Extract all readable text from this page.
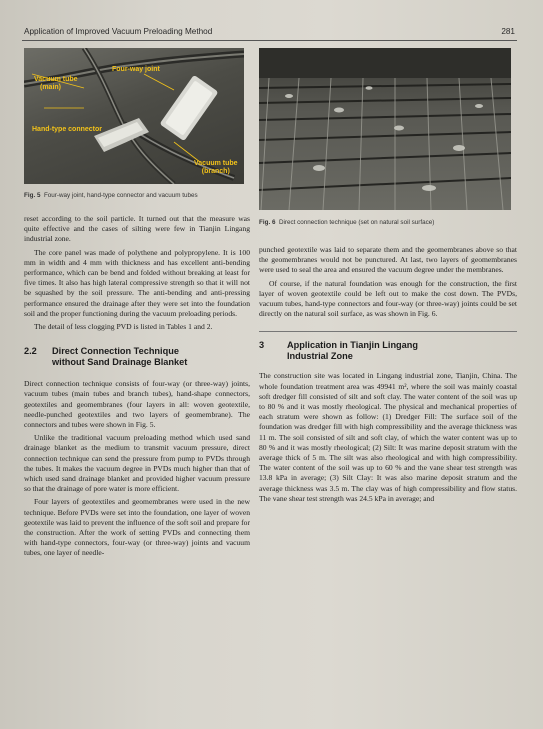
Application of Improved Vacuum Preloading Method	281
Vacuum tube
(main)
Four-way joint
Hand-type connector
Vacuum tube
(branch)
Fig. 5 Four-way joint, hand-type connector and vacuum tubes

reset according to the soil particle. It turned out that the measure was quite effective and the cases of silting were few in Tianjin Lingang industrial zone.

The core panel was made of polythene and polypropylene. It is 100 mm in width and 4 mm with thickness and has excellent anti-bending performance, which can be bend and folded without breaking at least for five times. It also has high lateral compressive strength so that it will not be squashed by the soil pressure. The anti-bending and anti-pressing performance ensured the drainage after they were set into the foundation soil and the proper functioning during the vacuum preloading periods.

The detail of less clogging PVD is listed in Tables 1 and 2.

2.2	Direct Connection Technique
without Sand Drainage Blanket

Direct connection technique consists of four-way (or three-way) joints, vacuum tubes (main tubes and branch tubes), hand-shape connectors, geotextiles and geomembranes (four layers in all: woven geotextile, needle-punched geotextiles and two layers of geomembrane). The connectors and tubes were shown in Fig. 5.

Unlike the traditional vacuum preloading method which used sand drainage blanket as the medium to transmit vacuum pressure, direct connection technique can send the pressure from pump to PVDs through the tubes. It makes the vacuum degree in PVDs much higher than that of which used sand drainage blanket and provided higher vacuum pressure so that the drainage of pore water is more efficient.

Four layers of geotextiles and geomembranes were used in the new technique. Before PVDs were set into the foundation, one layer of woven geotextile was laid to prevent the influence of the soft soil and prepare for the construction. After the work of setting PVDs and connecting them with hand-type connectors, four-way (or three-way) joints and vacuum tubes, one layer of needle-

Fig. 6 Direct connection technique (set on natural soil surface)

punched geotextile was laid to separate them and the geomembranes above so that the geomembranes would not be punctured. At last, two layers of geomembranes were used to seal the area and ensured the vacuum degree under the membranes.

Of course, if the natural foundation was enough for the construction, the first layer of woven geotextile could be left out to make the cost down. The PVDs, vacuum tubes, hand-type connectors and four-way (or three-way) joints could be set directly on the natural soil surface, as was shown in Fig. 6.

3	Application in Tianjin Lingang
Industrial Zone

The construction site was located in Lingang industrial zone, Tianjin, China. The whole foundation treatment area was 49941 m², where the soil was mainly coastal soft dredger fill consisted of silt and soft clay. The water content of the soil was up to 80 % and it was mostly rheological. The physical and mechanical properties of each stratum were shown as follow: (1) Dredger Fill: The surface soil of the foundation was dredger fill with high compressibility and the average thickness was 11 m. The soil consisted of silt and soft clay, of which the water content was up to 80 % and it was mostly rheological; (2) Silt: It was marine deposit stratum with the average thick of 5 m. The silt was also rheological and with high compressibility. The water content of the soil was up to 60 % and the vane shear test strength was 13.8 kPa in average; (3) Silt Clay: It was also marine deposit stratum and the average thickness was 3.5 m. The clay was of high compressibility and flow status. The vane shear test strength was 24.5 kPa in average; and
